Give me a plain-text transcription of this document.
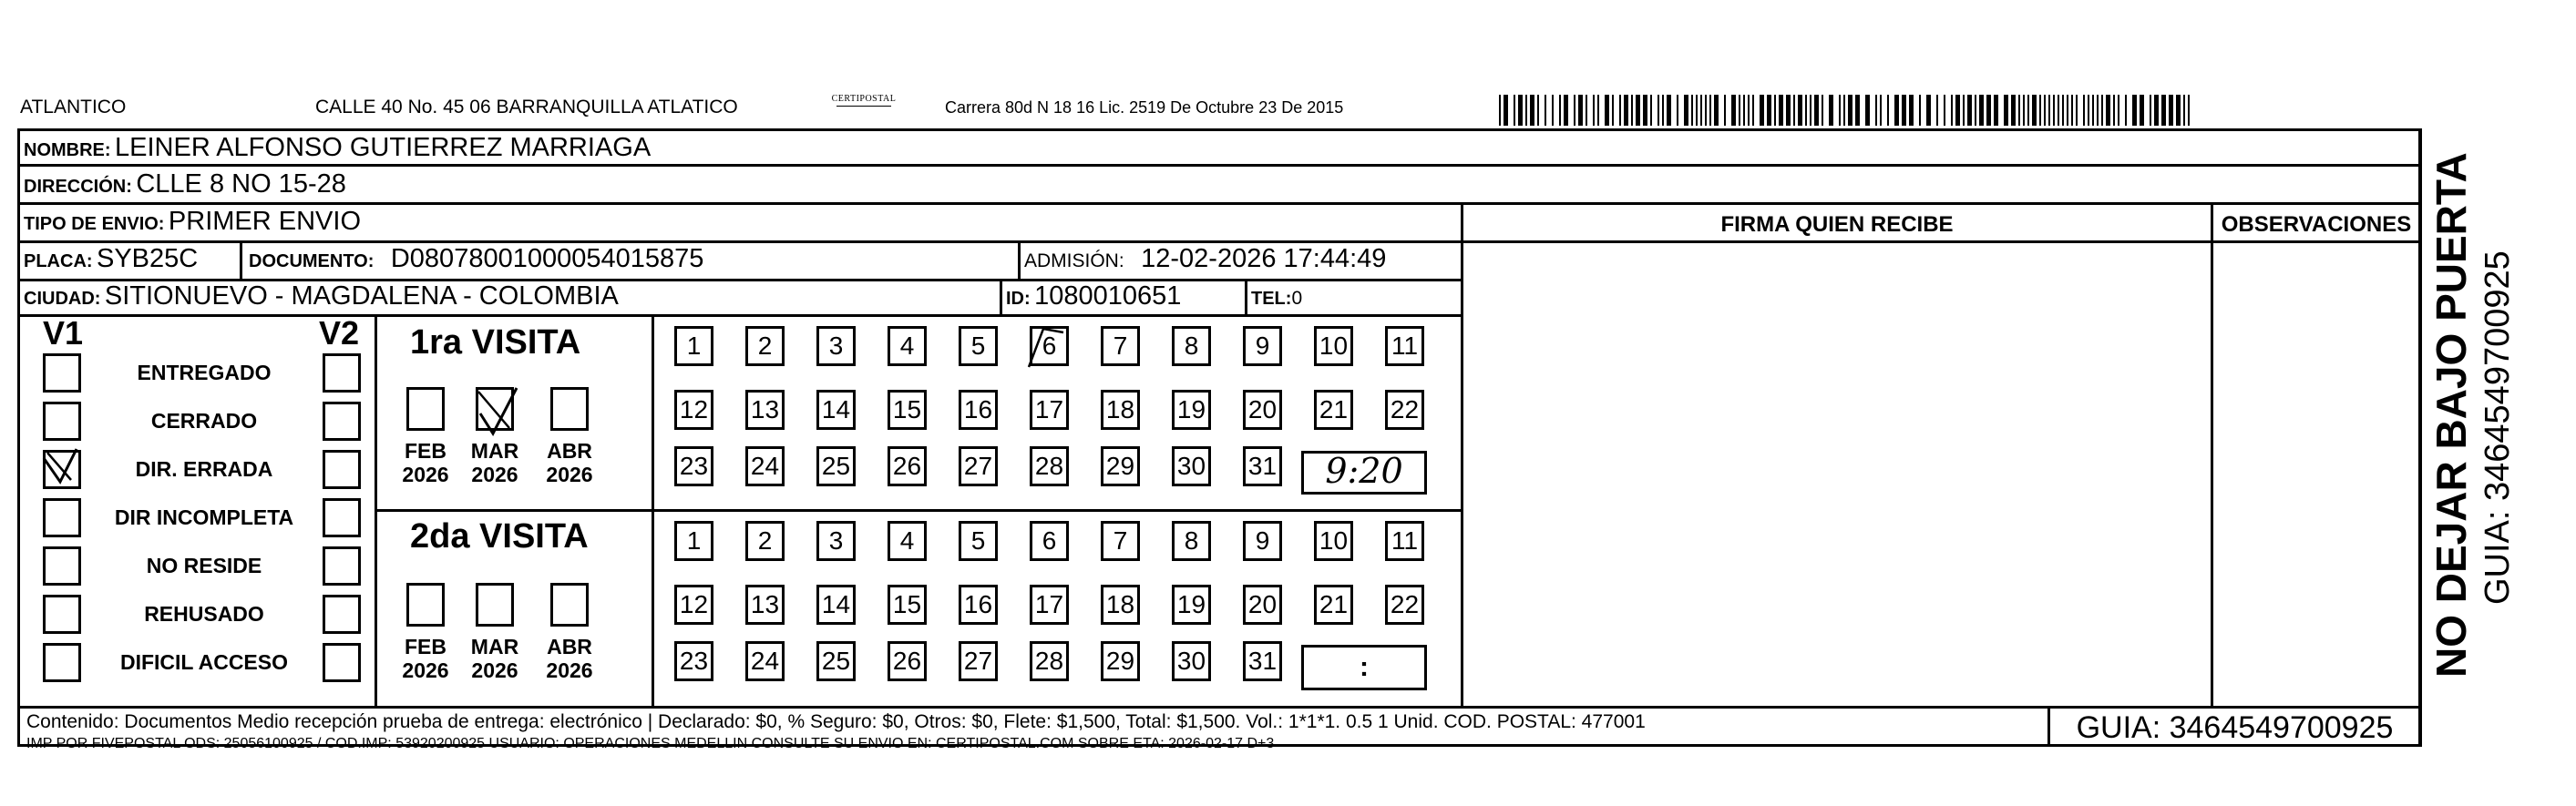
ATLANTICO	CALLE 40 No. 45 06 BARRANQUILLA ATLATICO	CERTIPOSTAL	Carrera 80d N 18 16 Lic. 2519 De Octubre 23 De 2015
NOMBRE: LEINER ALFONSO GUTIERREZ MARRIAGA
DIRECCIÓN: CLLE 8 NO 15-28
TIPO DE ENVIO: PRIMER ENVIO
PLACA: SYB25C	DOCUMENTO: D080780010000540158​75	ADMISIÓN: 12-02-2026 17:44:49
CIUDAD: SITIONUEVO - MAGDALENA - COLOMBIA	ID: 1080010651	TEL:0
FIRMA QUIEN RECIBE	OBSERVACIONES
V1	V2
ENTREGADO
CERRADO
DIR. ERRADA
DIR INCOMPLETA
NO RESIDE
REHUSADO
DIFICIL ACCESO
1ra VISITA
2da VISITA
FEB
2026
MAR
2026
ABR
2026
FEB
2026
MAR
2026
ABR
2026
1	2	3	4	5	6	7	8	9	10 11
12 13 14 15 16 17 18 19 20 21 22
23 24 25 26 27 28 29 30 31
1	2	3	4	5	6	7	8	9	10 11
12 13 14 15 16 17 18 19 20 21 22
23 24 25 26 27 28 29 30 31
9:20
:
Contenido: Documentos Medio recepción prueba de entrega: electrónico | Declarado: $0, % Seguro: $0, Otros: $0, Flete: $1,500, Total: $1,500. Vol.: 1*1*1. 0.5 1 Unid. COD. POSTAL: 477001
IMP POR FIVEPOSTAL ODS: 25056100925 / COD.IMP: 53920200925 USUARIO: OPERACIONES MEDELLIN CONSULTE SU ENVIO EN: CERTIPOSTAL.COM SOBRE ETA: 2026-02-17 D+3	GUIA: 3464549700925
NO DEJAR BAJO PUERTA GUIA: 3464549700925
